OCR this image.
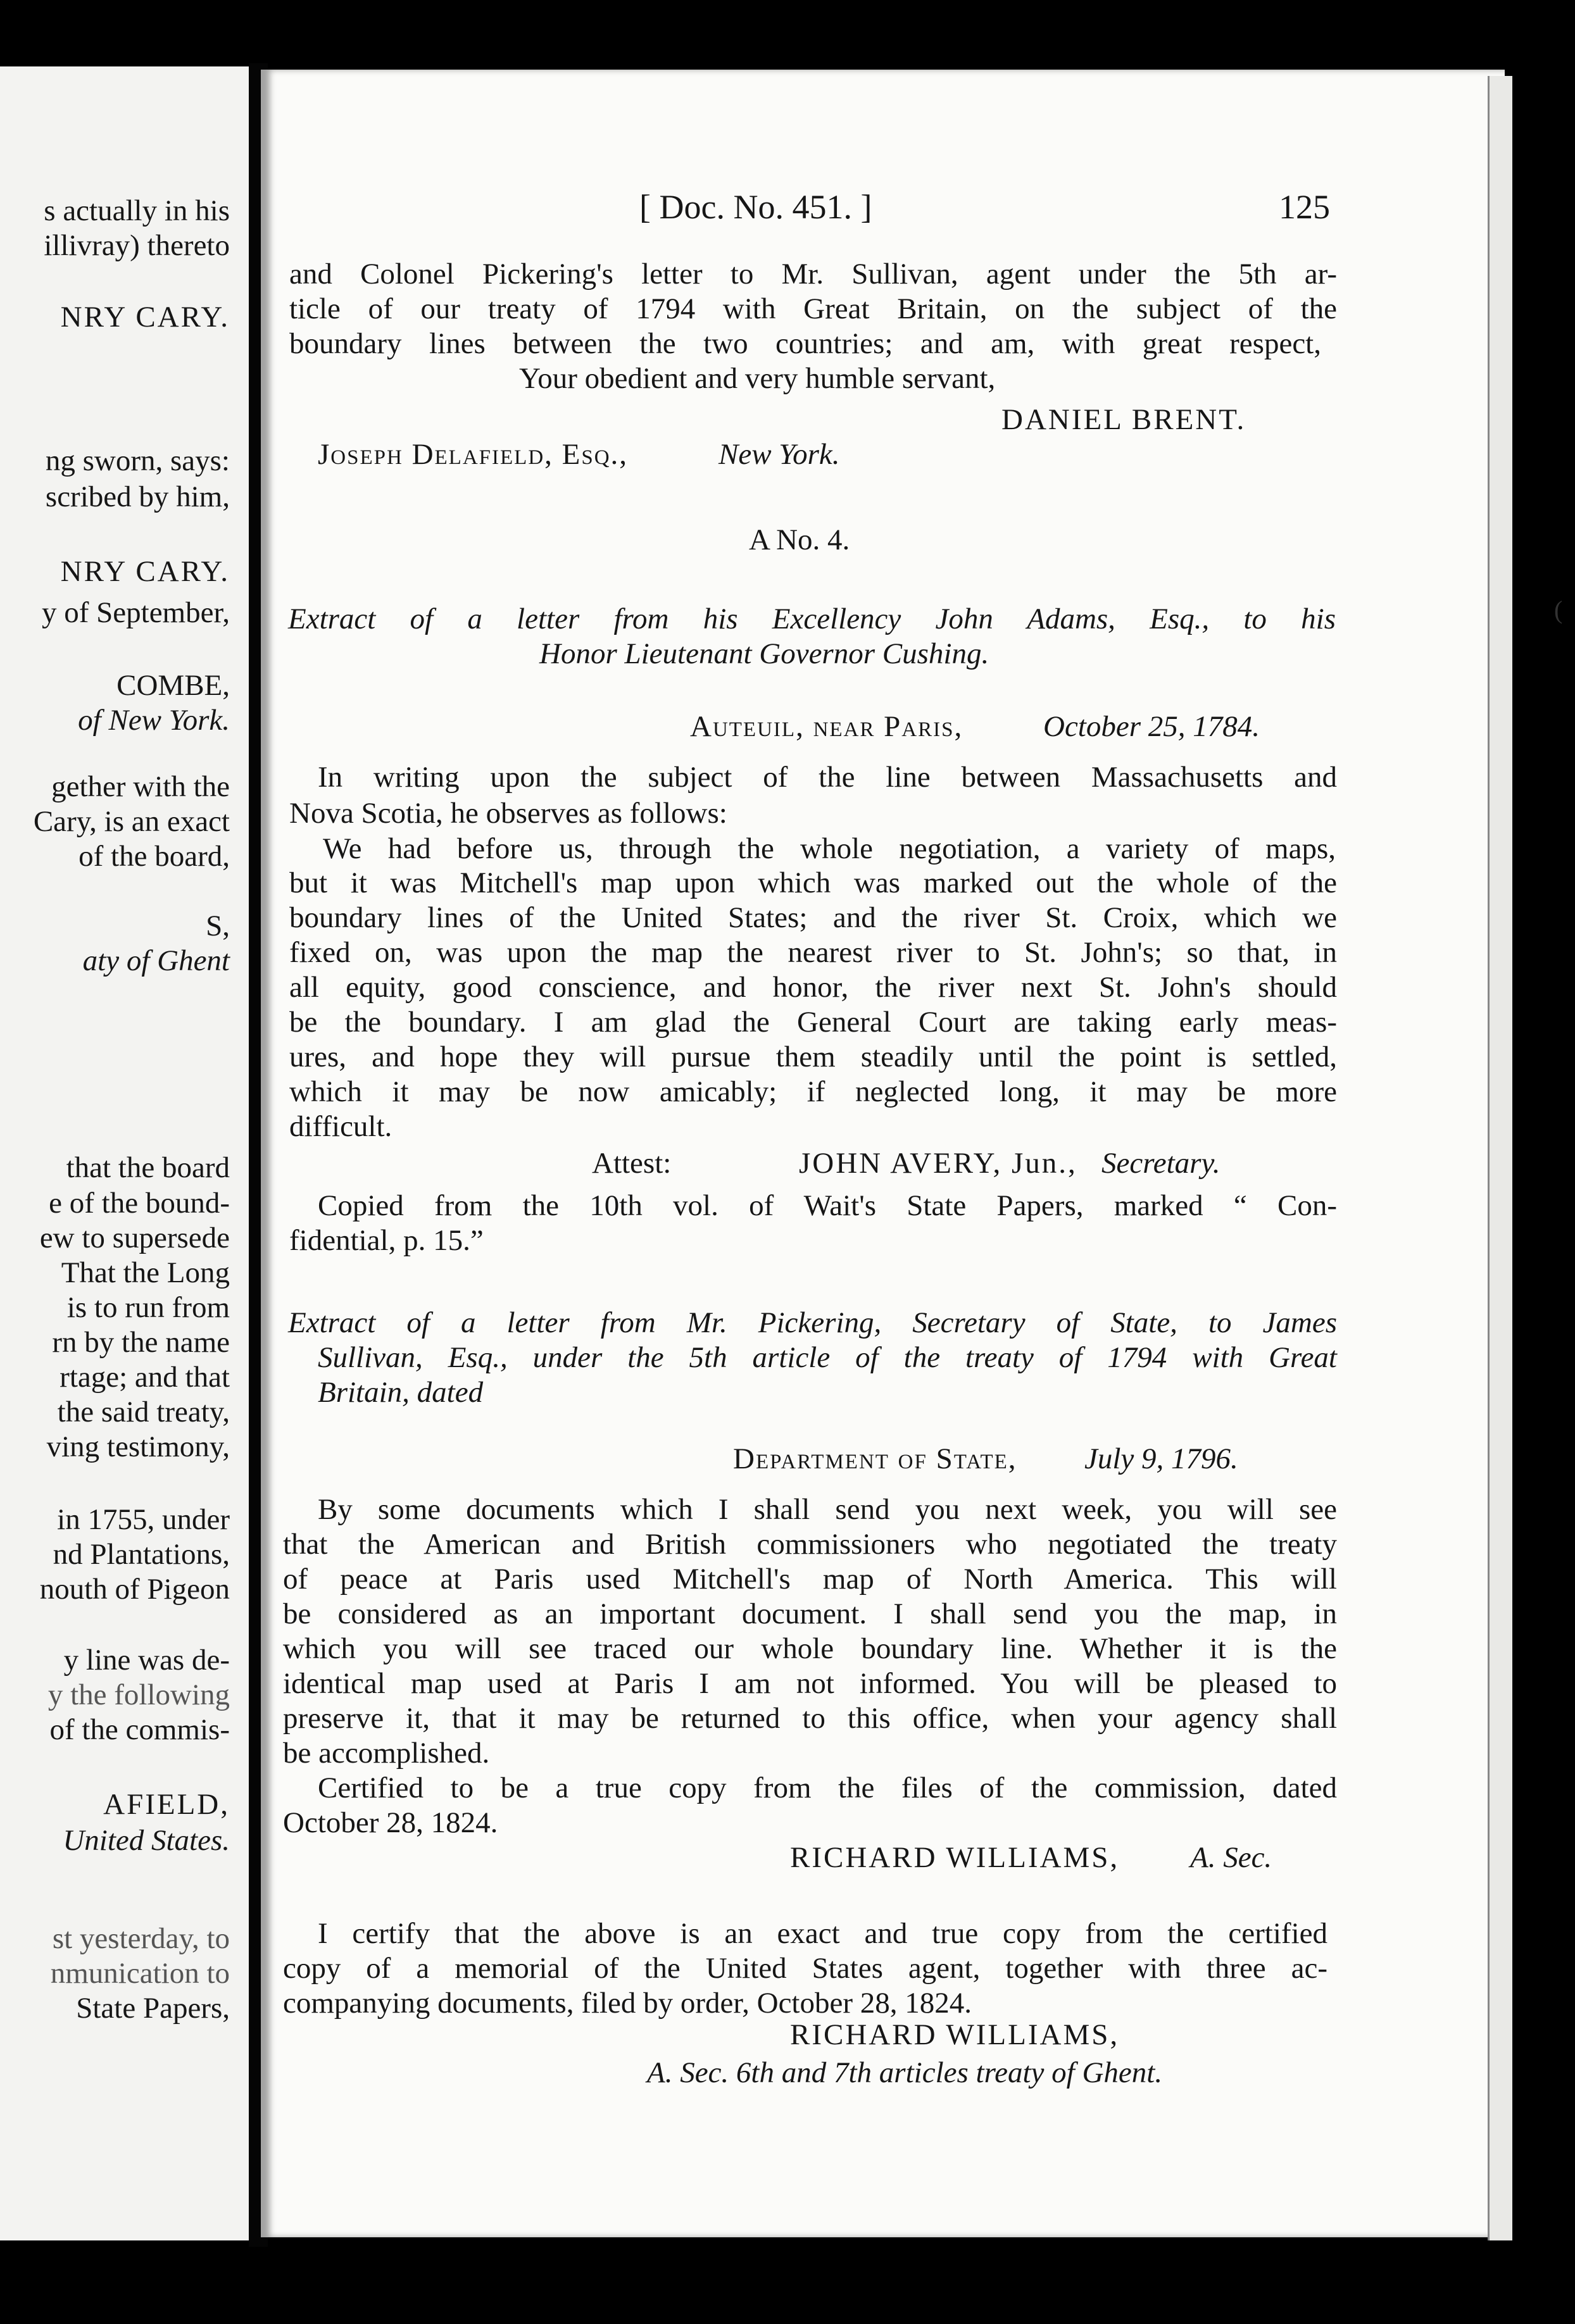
s actually in his
illivray) thereto
NRY CARY.
ng sworn, says:
scribed by him,
NRY CARY.
y of September,
COMBE,
of New York.
gether with the
Cary, is an exact
of the board,
S,
aty of Ghent
that the board
e of the bound-
ew to supersede
That the Long
is to run from
rn by the name
rtage; and that
the said treaty,
ving testimony,
in 1755, under
nd Plantations,
nouth of Pigeon
y line was de-
y the following
of the commis-
AFIELD,
United States.
st yesterday, to
nmunication to
State Papers,
[ Doc. No. 451. ]	125
and Colonel Pickering's letter to Mr. Sullivan, agent under the 5th ar-
ticle of our treaty of 1794 with Great Britain, on the subject of the
boundary lines between the two countries; and am, with great respect,
Your obedient and very humble servant,
DANIEL BRENT.
Joseph Delafield, Esq.,
A No. 4.
Extract of a letter from his Excellency John Adams, Esq., to his
Honor Lieutenant Governor Cushing.
Auteuil, near Paris,
In writing upon the subject of the line between Massachusetts and
Nova Scotia, he observes as follows:
We had before us, through the whole negotiation, a variety of maps,
but it was Mitchell's map upon which was marked out the whole of the
boundary lines of the United States; and the river St. Croix, which we
fixed on, was upon the map the nearest river to St. John's; so that, in
all equity, good conscience, and honor, the river next St. John's should
be the boundary. I am glad the General Court are taking early meas-
ures, and hope they will pursue them steadily until the point is settled,
which it may be now amicably; if neglected long, it may be more
difficult.
Attest:	JOHN AVERY, Jun.,
Copied from the 10th vol. of Wait's State Papers, marked “ Con-
fidential, p. 15.”
Extract of a letter from Mr. Pickering, Secretary of State, to James
Sullivan, Esq., under the 5th article of the treaty of 1794 with Great
Britain, dated
Department of State,
By some documents which I shall send you next week, you will see
that the American and British commissioners who negotiated the treaty
of peace at Paris used Mitchell's map of North America. This will
be considered as an important document. I shall send you the map, in
which you will see traced our whole boundary line. Whether it is the
identical map used at Paris I am not informed. You will be pleased to
preserve it, that it may be returned to this office, when your agency shall
be accomplished.
Certified to be a true copy from the files of the commission, dated
October 28, 1824.
RICHARD WILLIAMS,
I certify that the above is an exact and true copy from the certified
copy of a memorial of the United States agent, together with three ac-
companying documents, filed by order, October 28, 1824.
RICHARD WILLIAMS,
A. Sec. 6th and 7th articles treaty of Ghent.
New York.
October 25, 1784.
Secretary.
July 9, 1796.
A. Sec.
(
